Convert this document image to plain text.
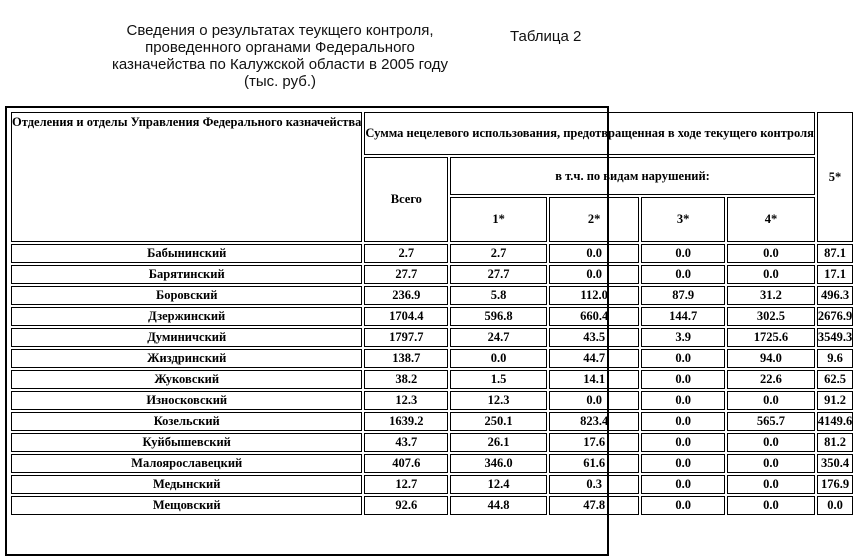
Сведения о результатах теукщего контроля,
проведенного органами Федерального
казначейства по Калужской области в 2005 году
(тыс. руб.)
Таблица 2
Отделения и отделы Управления Федерального казначейства	Сумма нецелевого использования, предотвращенная в ходе текущего контроля					5*
	Всего	в т.ч. по видам нарушений:				
		1*	2*	3*	4*	
Бабынинский	2.7	2.7	0.0	0.0	0.0	87.1
Барятинский	27.7	27.7	0.0	0.0	0.0	17.1
Боровский	236.9	5.8	112.0	87.9	31.2	496.3
Дзержинский	1704.4	596.8	660.4	144.7	302.5	2676.9
Думиничский	1797.7	24.7	43.5	3.9	1725.6	3549.3
Жиздринский	138.7	0.0	44.7	0.0	94.0	9.6
Жуковский	38.2	1.5	14.1	0.0	22.6	62.5
Износковский	12.3	12.3	0.0	0.0	0.0	91.2
Козельский	1639.2	250.1	823.4	0.0	565.7	4149.6
Куйбышевский	43.7	26.1	17.6	0.0	0.0	81.2
Малоярославецкий	407.6	346.0	61.6	0.0	0.0	350.4
Медынский	12.7	12.4	0.3	0.0	0.0	176.9
Мещовский	92.6	44.8	47.8	0.0	0.0	0.0
